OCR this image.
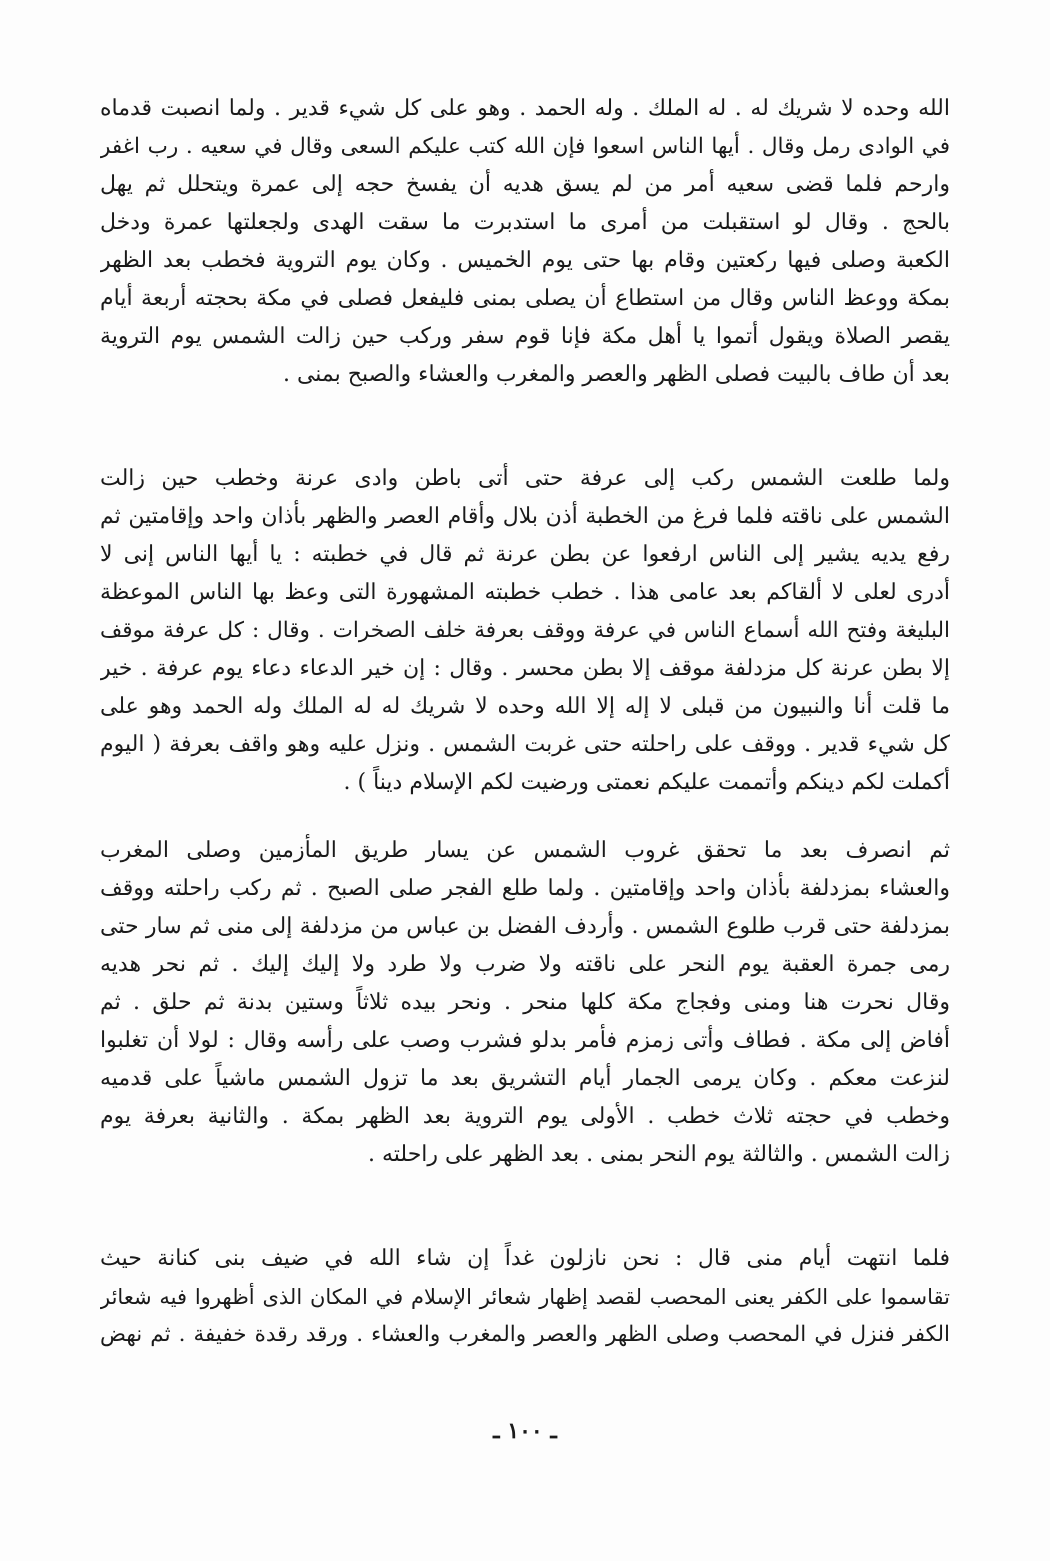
الله وحده لا شريك له . له الملك . وله الحمد . وهو على كل شيء قدير . ولما انصبت قدماه
في الوادى رمل وقال . أيها الناس اسعوا فإن الله كتب عليكم السعى وقال في سعيه . رب اغفر
وارحم فلما قضى سعيه أمر من لم يسق هديه أن يفسخ حجه إلى عمرة ويتحلل ثم يهل
بالحج . وقال لو استقبلت من أمرى ما استدبرت ما سقت الهدى ولجعلتها عمرة ودخل
الكعبة وصلى فيها ركعتين وقام بها حتى يوم الخميس . وكان يوم التروية فخطب بعد الظهر
بمكة ووعظ الناس وقال من استطاع أن يصلى بمنى فليفعل فصلى في مكة بحجته أربعة أيام
يقصر الصلاة ويقول أتموا يا أهل مكة فإنا قوم سفر وركب حين زالت الشمس يوم التروية
بعد أن طاف بالبيت فصلى الظهر والعصر والمغرب والعشاء والصبح بمنى .
ولما طلعت الشمس ركب إلى عرفة حتى أتى باطن وادى عرنة وخطب حين زالت
الشمس على ناقته فلما فرغ من الخطبة أذن بلال وأقام العصر والظهر بأذان واحد وإقامتين ثم
رفع يديه يشير إلى الناس ارفعوا عن بطن عرنة ثم قال في خطبته : يا أيها الناس إنى لا
أدرى لعلى لا ألقاكم بعد عامى هذا . خطب خطبته المشهورة التى وعظ بها الناس الموعظة
البليغة وفتح الله أسماع الناس في عرفة ووقف بعرفة خلف الصخرات . وقال : كل عرفة موقف
إلا بطن عرنة كل مزدلفة موقف إلا بطن محسر . وقال : إن خير الدعاء دعاء يوم عرفة . خير
ما قلت أنا والنبيون من قبلى لا إله إلا الله وحده لا شريك له له الملك وله الحمد وهو على
كل شيء قدير . ووقف على راحلته حتى غربت الشمس . ونزل عليه وهو واقف بعرفة ( اليوم
أكملت لكم دينكم وأتممت عليكم نعمتى ورضيت لكم الإسلام ديناً ) .
ثم انصرف بعد ما تحقق غروب الشمس عن يسار طريق المأزمين وصلى المغرب
والعشاء بمزدلفة بأذان واحد وإقامتين . ولما طلع الفجر صلى الصبح . ثم ركب راحلته ووقف
بمزدلفة حتى قرب طلوع الشمس . وأردف الفضل بن عباس من مزدلفة إلى منى ثم سار حتى
رمى جمرة العقبة يوم النحر على ناقته ولا ضرب ولا طرد ولا إليك إليك . ثم نحر هديه
وقال نحرت هنا ومنى وفجاج مكة كلها منحر . ونحر بيده ثلاثاً وستين بدنة ثم حلق . ثم
أفاض إلى مكة . فطاف وأتى زمزم فأمر بدلو فشرب وصب على رأسه وقال : لولا أن تغلبوا
لنزعت معكم . وكان يرمى الجمار أيام التشريق بعد ما تزول الشمس ماشياً على قدميه
وخطب في حجته ثلاث خطب . الأولى يوم التروية بعد الظهر بمكة . والثانية بعرفة يوم
زالت الشمس . والثالثة يوم النحر بمنى . بعد الظهر على راحلته .
فلما انتهت أيام منى قال : نحن نازلون غداً إن شاء الله في ضيف بنى كنانة حيث
تقاسموا على الكفر يعنى المحصب لقصد إظهار شعائر الإسلام في المكان الذى أظهروا فيه شعائر
الكفر فنزل في المحصب وصلى الظهر والعصر والمغرب والعشاء . ورقد رقدة خفيفة . ثم نهض
ـ ١٠٠ ـ
